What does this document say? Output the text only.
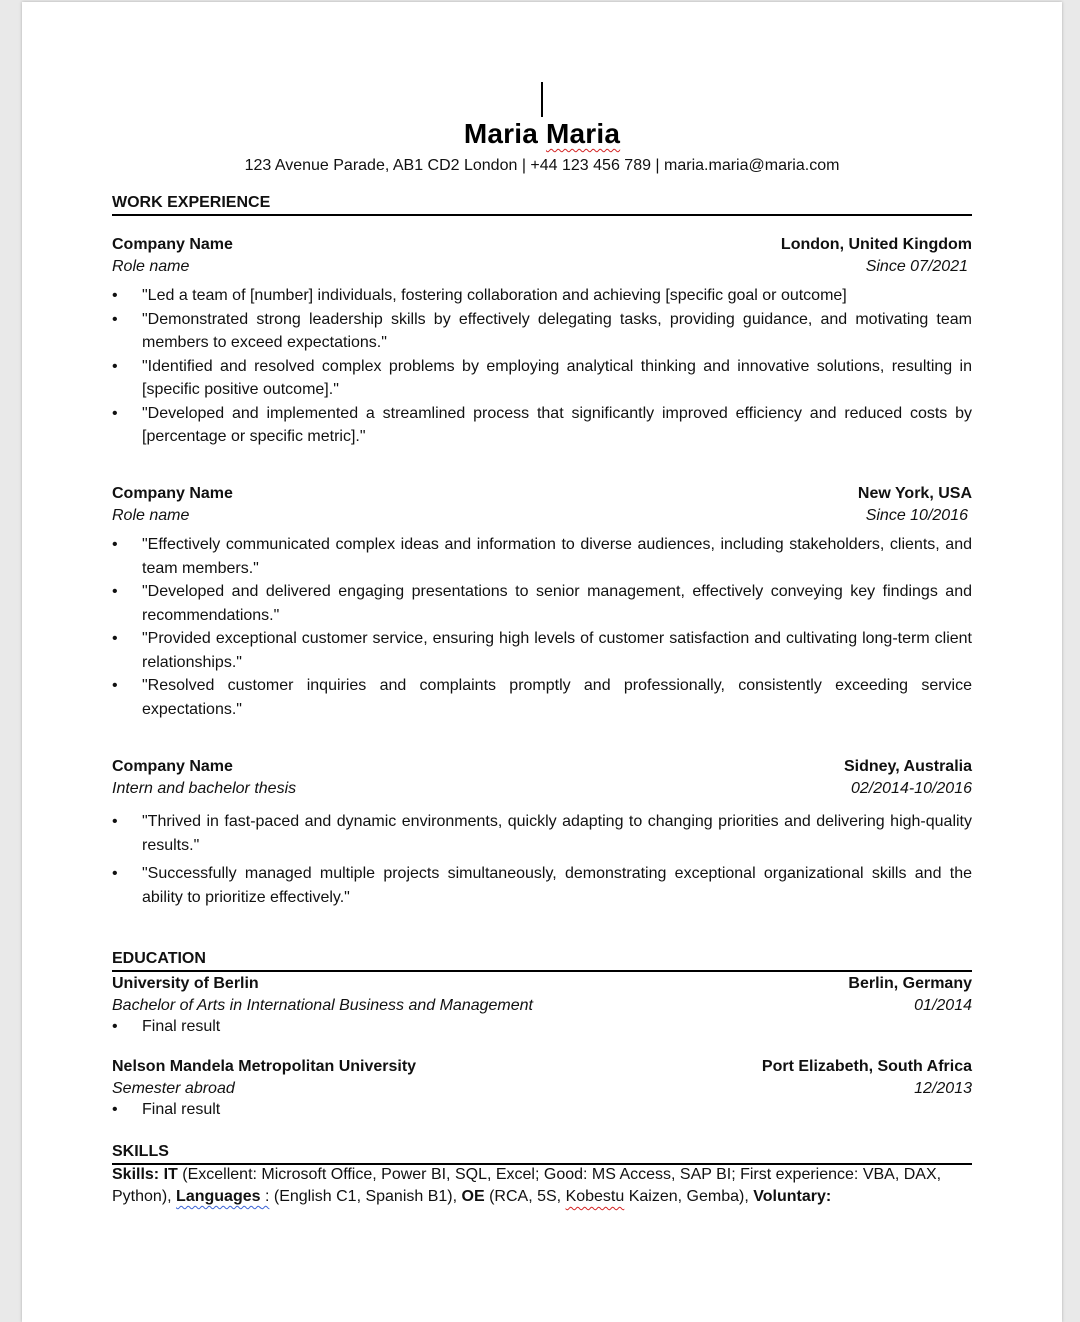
Maria Maria
123 Avenue Parade, AB1 CD2 London | +44 123 456 789 | maria.maria@maria.com
WORK EXPERIENCE
Company Name	London, United Kingdom
Role name	Since 07/2021
• "Led a team of [number] individuals, fostering collaboration and achieving [specific goal or outcome]
• "Demonstrated strong leadership skills by effectively delegating tasks, providing guidance, and motivating team members to exceed expectations."
• "Identified and resolved complex problems by employing analytical thinking and innovative solutions, resulting in [specific positive outcome]."
• "Developed and implemented a streamlined process that significantly improved efficiency and reduced costs by [percentage or specific metric]."
Company Name	New York, USA
Role name	Since 10/2016
• "Effectively communicated complex ideas and information to diverse audiences, including stakeholders, clients, and team members."
• "Developed and delivered engaging presentations to senior management, effectively conveying key findings and recommendations."
• "Provided exceptional customer service, ensuring high levels of customer satisfaction and cultivating long-term client relationships."
• "Resolved customer inquiries and complaints promptly and professionally, consistently exceeding service expectations."
Company Name	Sidney, Australia
Intern and bachelor thesis	02/2014-10/2016
• "Thrived in fast-paced and dynamic environments, quickly adapting to changing priorities and delivering high-quality results."
• "Successfully managed multiple projects simultaneously, demonstrating exceptional organizational skills and the ability to prioritize effectively."
EDUCATION
University of Berlin	Berlin, Germany
Bachelor of Arts in International Business and Management	01/2014
• Final result
Nelson Mandela Metropolitan University	Port Elizabeth, South Africa
Semester abroad	12/2013
• Final result
SKILLS
Skills: IT (Excellent: Microsoft Office, Power BI, SQL, Excel; Good: MS Access, SAP BI; First experience: VBA, DAX, Python), Languages : (English C1, Spanish B1), OE (RCA, 5S, Kobestu Kaizen, Gemba), Voluntary:
